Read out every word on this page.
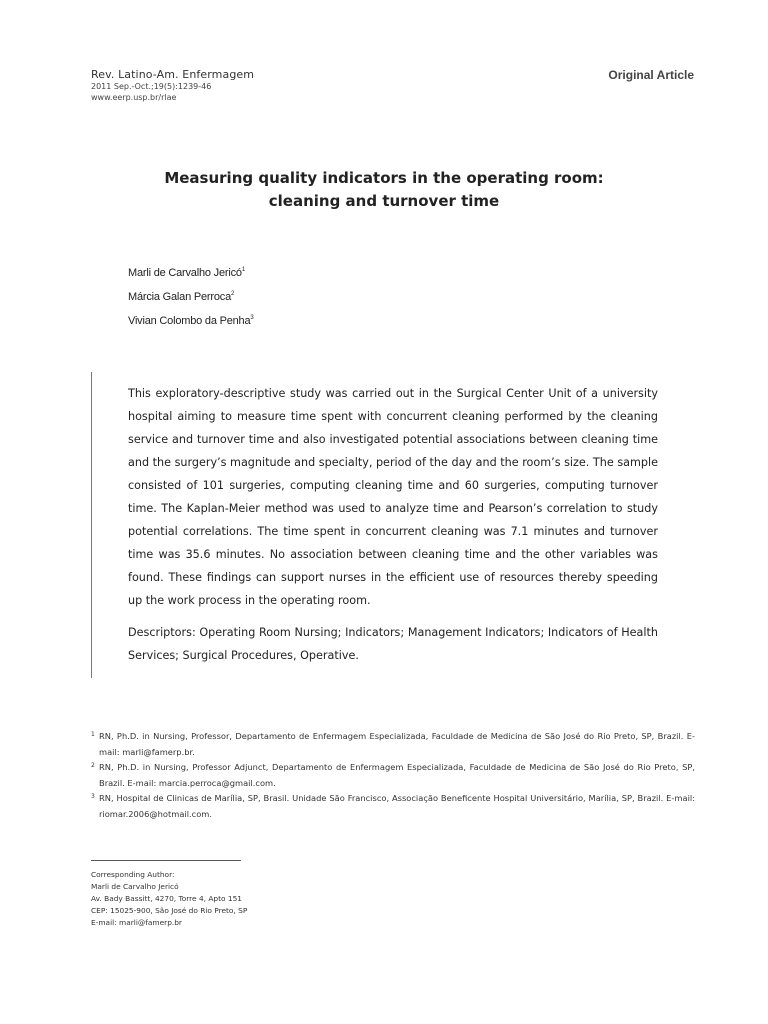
Rev. Latino-Am. Enfermagem
2011 Sep.-Oct.;19(5):1239-46
www.eerp.usp.br/rlae
Original Article
Measuring quality indicators in the operating room:
cleaning and turnover time
Marli de Carvalho Jericó$^1$
Márcia Galan Perroca$^2$
Vivian Colombo da Penha$^3$
This exploratory-descriptive study was carried out in the Surgical Center Unit of a university hospital aiming to measure time spent with concurrent cleaning performed by the cleaning service and turnover time and also investigated potential associations between cleaning time and the surgery’s magnitude and specialty, period of the day and the room’s size. The sample consisted of 101 surgeries, computing cleaning time and 60 surgeries, computing turnover time. The Kaplan-Meier method was used to analyze time and Pearson’s correlation to study potential correlations. The time spent in concurrent cleaning was 7.1 minutes and turnover time was 35.6 minutes. No association between cleaning time and the other variables was found. These findings can support nurses in the efficient use of resources thereby speeding up the work process in the operating room.
Descriptors: Operating Room Nursing; Indicators; Management Indicators; Indicators of Health Services; Surgical Procedures, Operative.
1 RN, Ph.D. in Nursing, Professor, Departamento de Enfermagem Especializada, Faculdade de Medicina de São José do Rio Preto, SP, Brazil. E-mail: marli@famerp.br.
2 RN, Ph.D. in Nursing, Professor Adjunct, Departamento de Enfermagem Especializada, Faculdade de Medicina de São José do Rio Preto, SP, Brazil. E-mail: marcia.perroca@gmail.com.
3 RN, Hospital de Clinicas de Marília, SP, Brasil. Unidade São Francisco, Associação Beneficente Hospital Universitário, Marília, SP, Brazil. E-mail: riomar.2006@hotmail.com.
Corresponding Author:
Marli de Carvalho Jericó
Av. Bady Bassitt, 4270, Torre 4, Apto 151
CEP: 15025-900, São José do Rio Preto, SP
E-mail: marli@famerp.br
